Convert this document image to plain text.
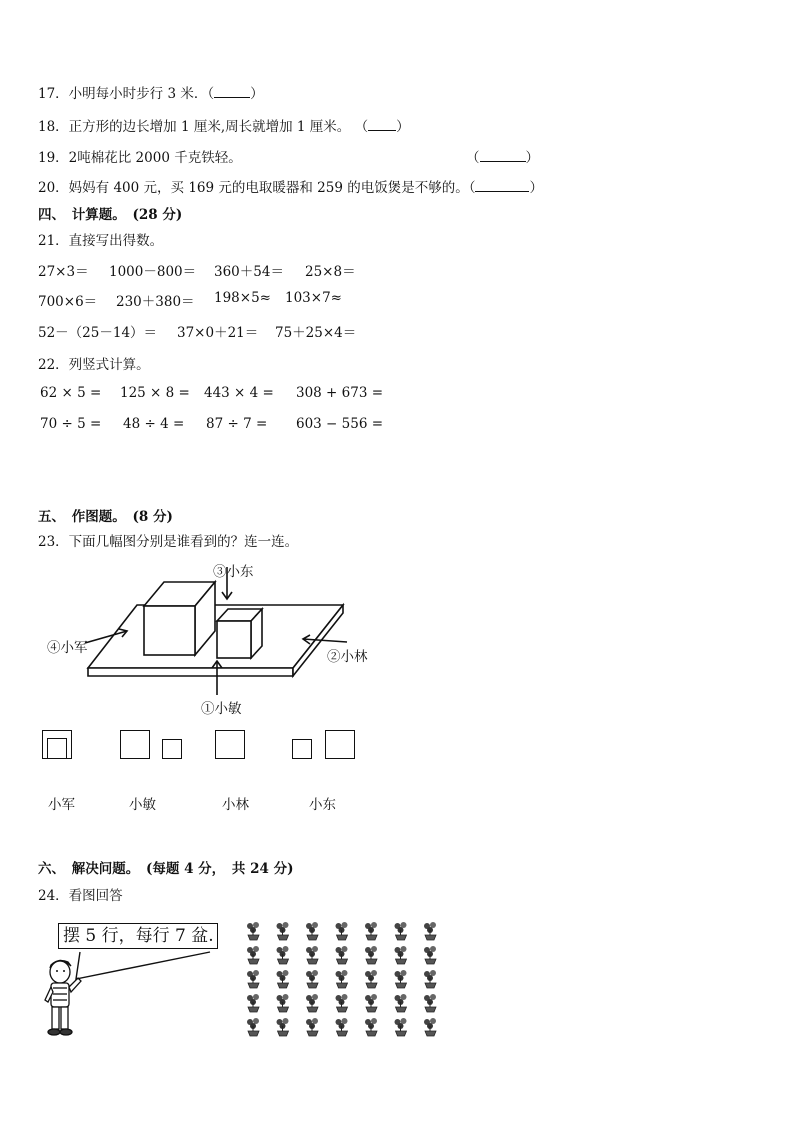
17．小明每小时步行 3 米．（	）
18．正方形的边长增加 1 厘米,周长就增加 1 厘米。 （ ）
19．2吨棉花比 2000 千克铁轻。	（	）
20．妈妈有 400 元，买 169 元的电取暖器和 259 的电饭煲是不够的。（	）
四、　计算题。　(28 分)
21．直接写出得数。
27×3＝ 1000－800＝ 360＋54＝ 25×8＝
700×6＝ 230＋380＝ 198×5≈ 103×7≈
52－（25－14）＝ 37×0＋21＝ 75＋25×4＝
22．列竖式计算。
62 × 5 = 125 × 8 = 443 × 4 = 308 + 673 =
70 ÷ 5 = 48 ÷ 4 = 87 ÷ 7 = 603 − 556 =
五、　作图题。　(8 分)
23．下面几幅图分别是谁看到的？连一连。
③小东
④小军
②小林
①小敏
小军	小敏	小林	小东
六、　解决问题。　(每题 4 分，　共 24 分)
24．看图回答
摆 5 行，每行 7 盆.
